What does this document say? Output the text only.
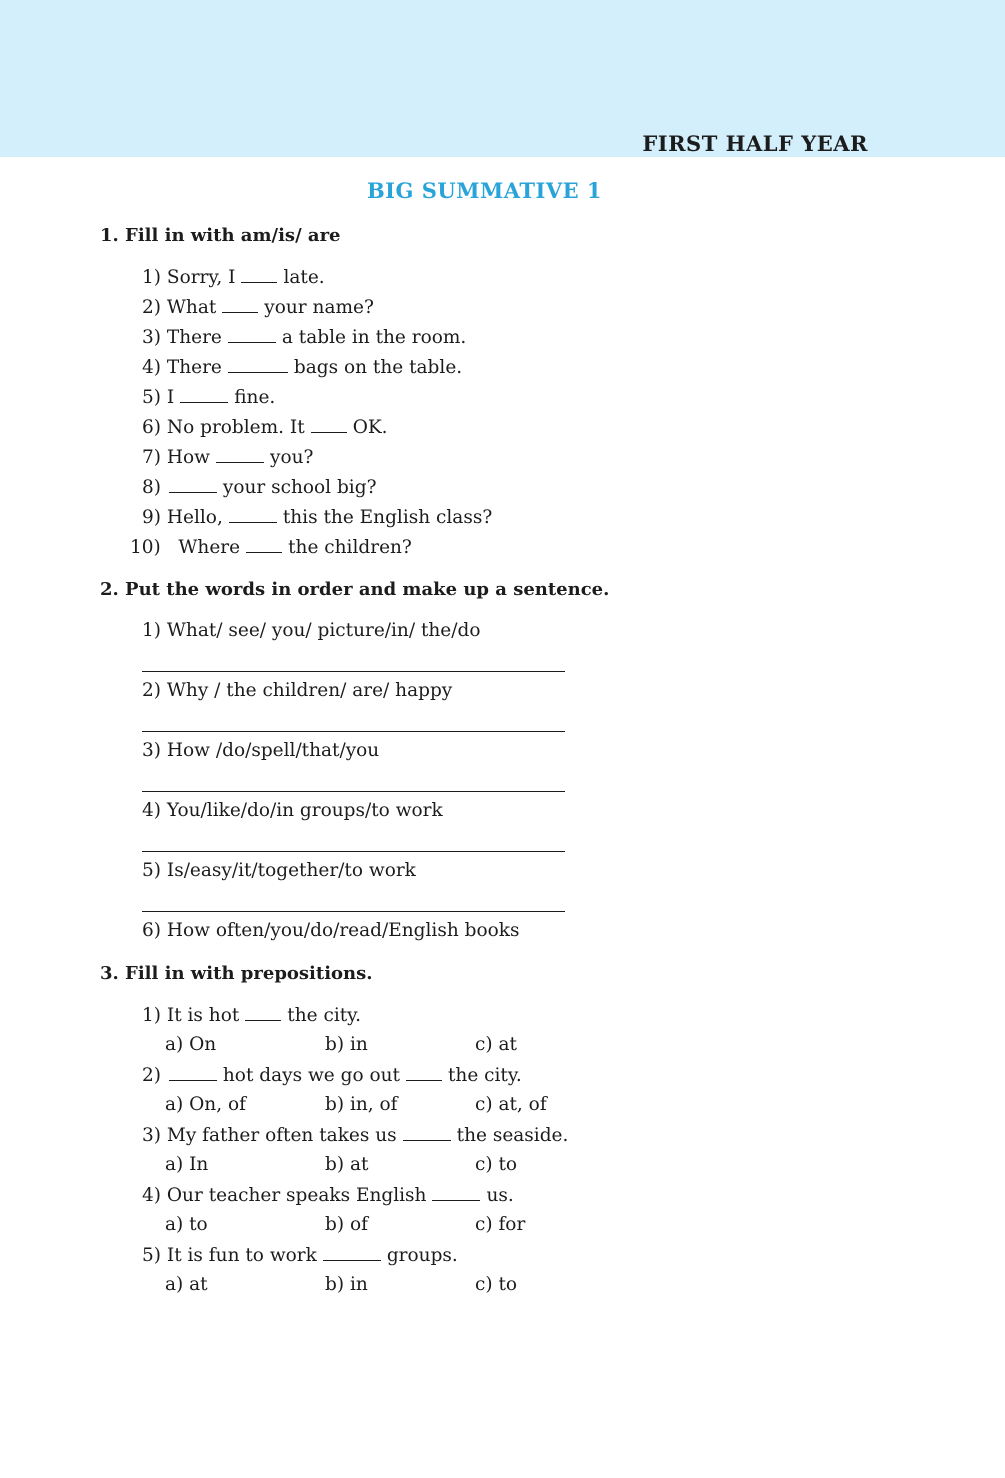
FIRST HALF YEAR
BIG SUMMATIVE 1
1. Fill in with am/is/ are
1) Sorry, I	late.
2) What	your name?
3) There	a table in the room.
4) There	bags on the table.
5) I	fine.
6) No problem. It	OK.
7) How	you?
8)	your school big?
9) Hello,	this the English class?
10) Where	the children?
2. Put the words in order and make up a sentence.
1) What/ see/ you/ picture/in/ the/do
2) Why / the children/ are/ happy
3) How /do/spell/that/you
4) You/like/do/in groups/to work
5) Is/easy/it/together/to work
6) How often/you/do/read/English books
3. Fill in with prepositions.
1) It is hot	the city.
a) On	b) in	c) at
2)	hot days we go out	the city.
a) On, of	b) in, of	c) at, of
3) My father often takes us	the seaside.
a) In	b) at	c) to
4) Our teacher speaks English	us.
a) to	b) of	c) for
5) It is fun to work	groups.
a) at	b) in	c) to
